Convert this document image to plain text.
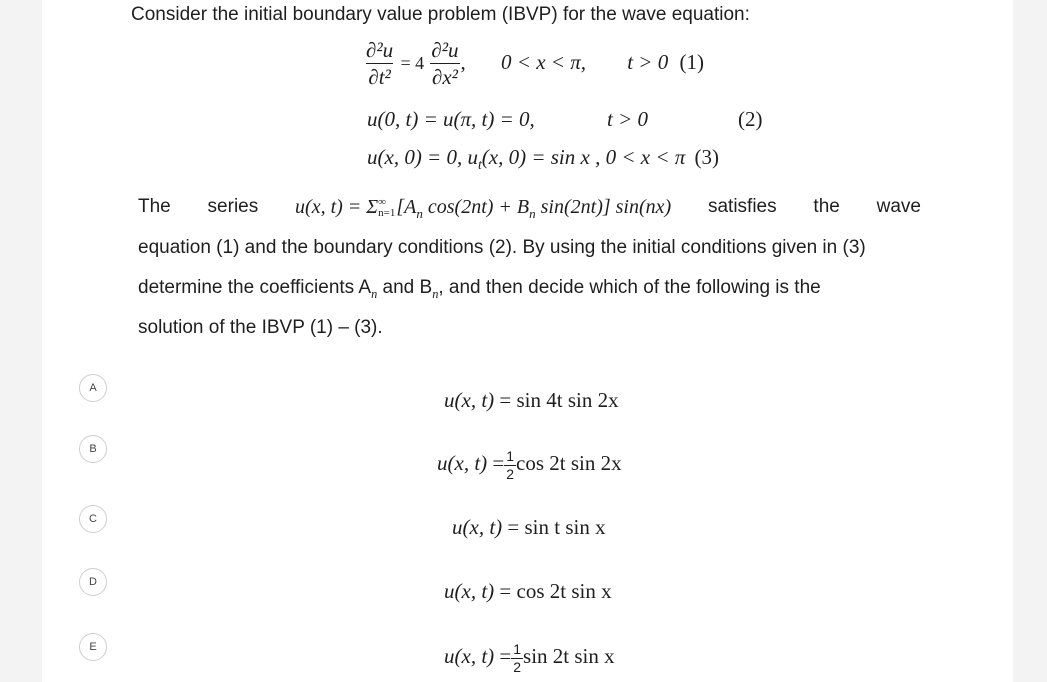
Consider the initial boundary value problem (IBVP) for the wave equation:
$\frac{\text{∂²u}}{\text{∂t²}} = 4 \frac{\text{∂²u}}{\text{∂x²}}$ , 0 < x < π, t > 0 (1)
u(0, t) = u(π, t) = 0,	t > 0	(2)
u(x, 0) = 0, $u_t(x$, 0) = sin x , 0 < x < π (3)
The series u(x, t) = Σ ∞
n=1 [$A_n$ $\cos(2nt) + B_n$ sin(2nt)] sin(nx) satisfies the wave
equation (1) and the boundary conditions (2). By using the initial conditions given in (3)
determine the coefficients $A_n$ and $B_n$, and then decide which of the following is the
solution of the IBVP (1) – (3).
A
B
C
D
E
u(x, t) = sin 4t sin 2x
u(x, $t) = \frac{1}{2}$ cos 2t sin 2x
u(x, t) = sin t sin x
u(x, t) = cos 2t sin x
u(x, $t) = \frac{1}{2}$ sin 2t sin x
